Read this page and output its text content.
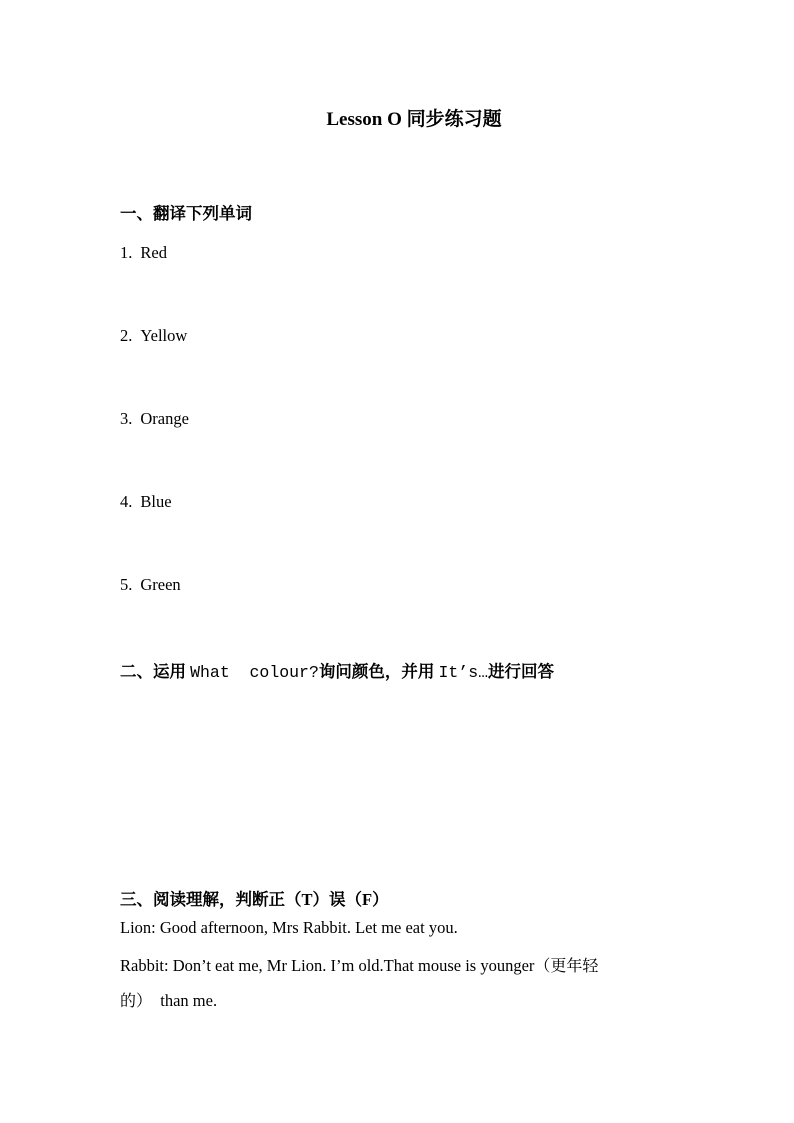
Lesson O 同步练习题
一、翻译下列单词
1. Red
2. Yellow
3. Orange
4. Blue
5. Green
二、运用 What  colour?询问颜色，并用 It’s…进行回答
三、阅读理解，判断正（T）误（F）
Lion: Good afternoon, Mrs Rabbit. Let me eat you.
Rabbit: Don’t eat me, Mr Lion. I’m old.That mouse is younger（更年轻
的）  than me.
